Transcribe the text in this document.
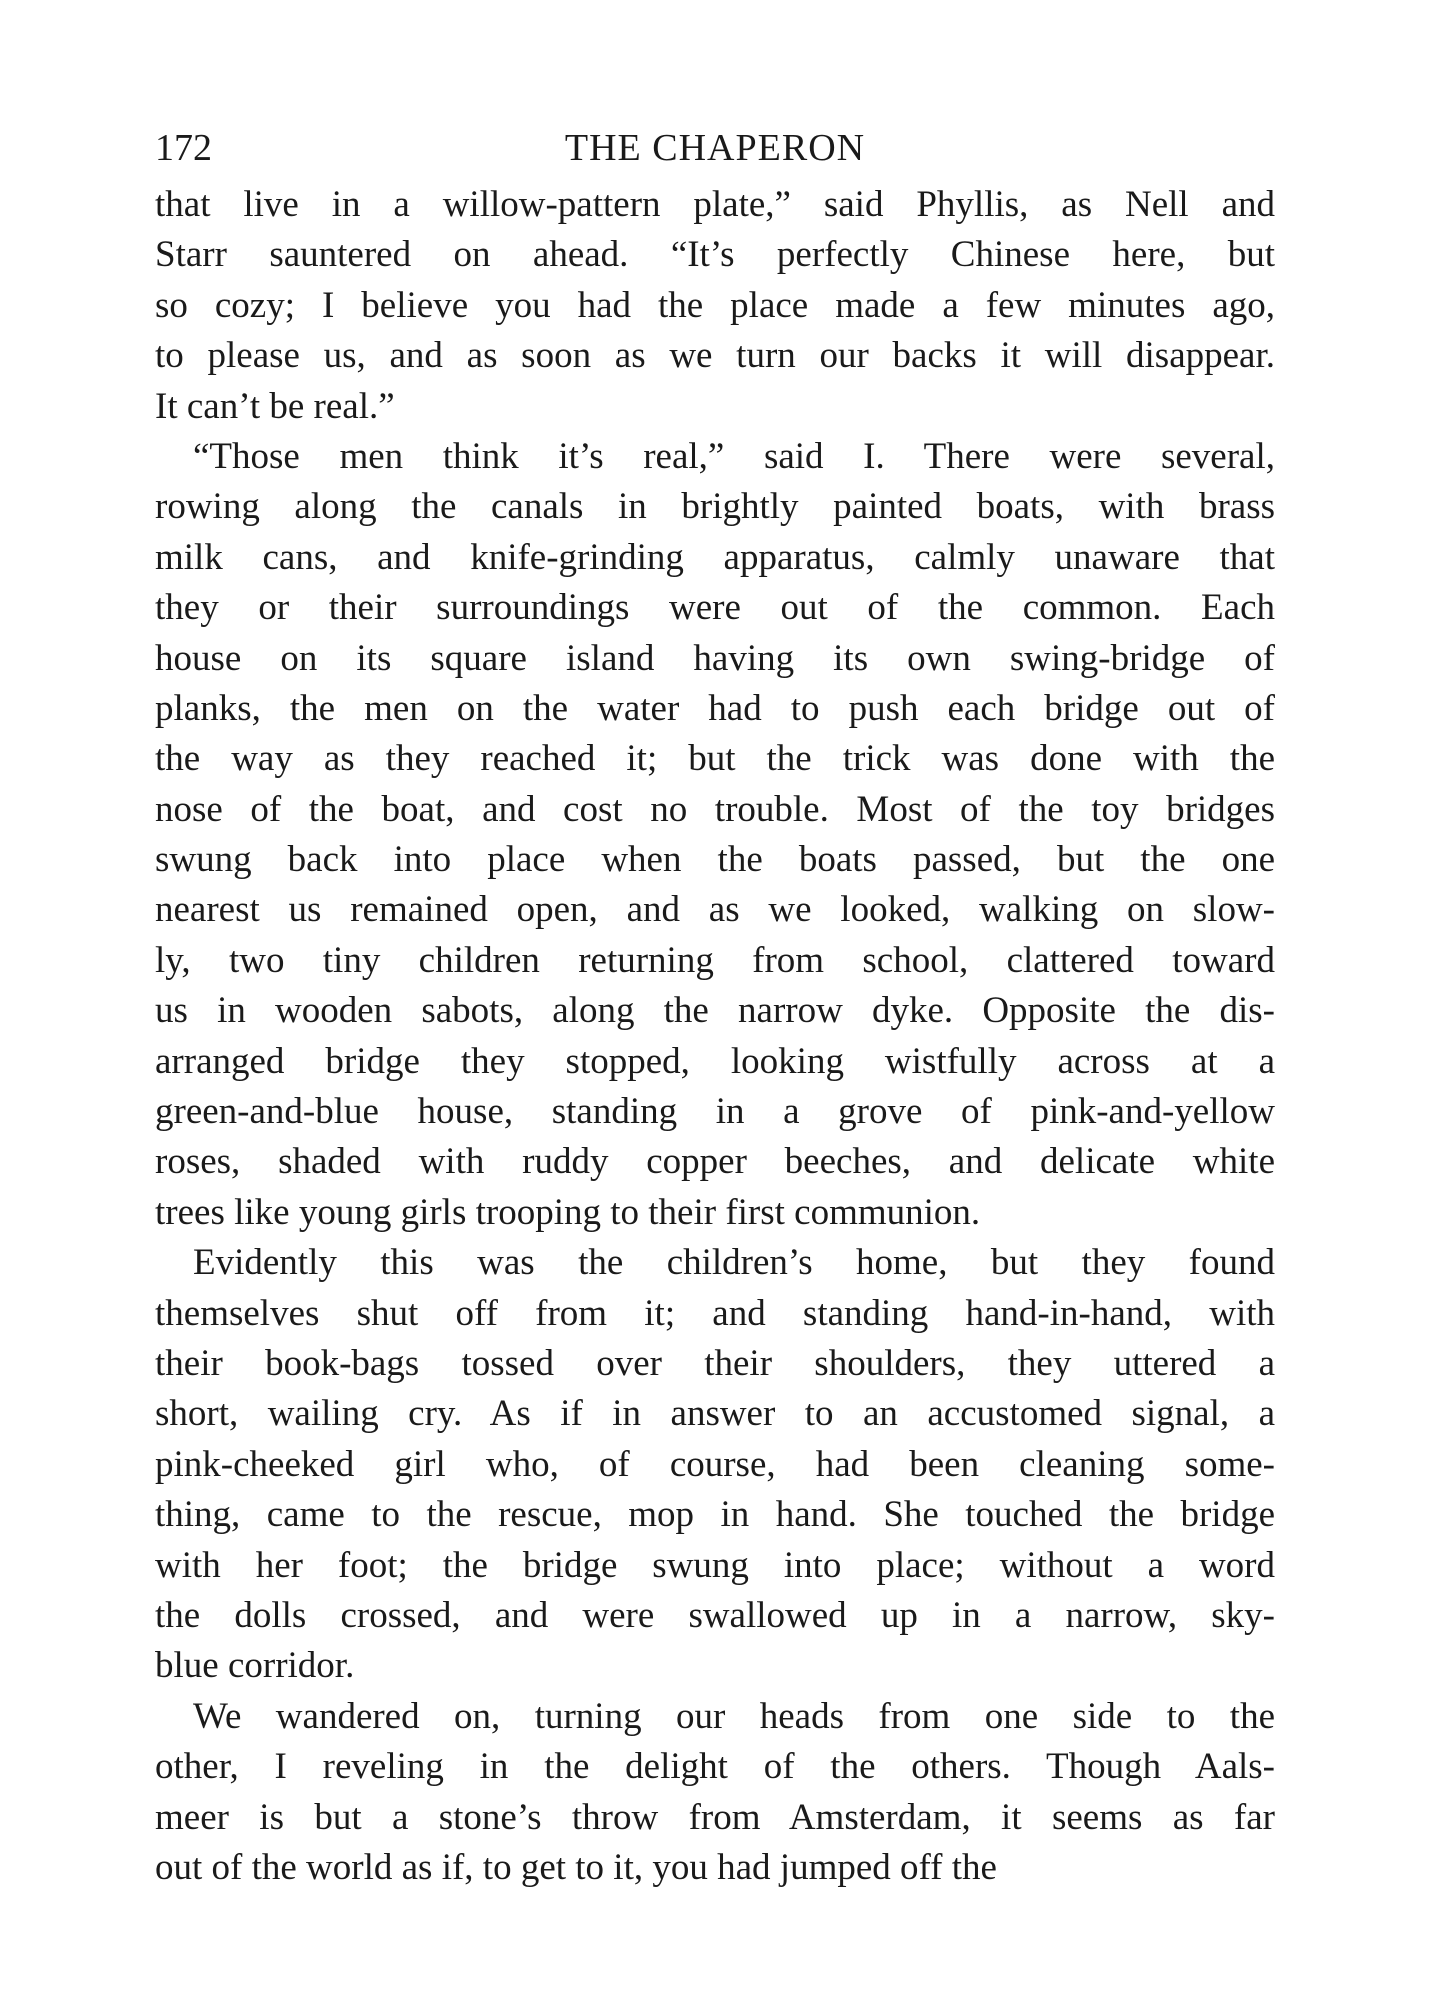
172	THE CHAPERON
that live in a willow-pattern plate,” said Phyllis, as Nell and
Starr sauntered on ahead. “It’s perfectly Chinese here, but
so cozy; I believe you had the place made a few minutes ago,
to please us, and as soon as we turn our backs it will disappear.
It can’t be real.”
“Those men think it’s real,” said I. There were several,
rowing along the canals in brightly painted boats, with brass
milk cans, and knife-grinding apparatus, calmly unaware that
they or their surroundings were out of the common. Each
house on its square island having its own swing-bridge of
planks, the men on the water had to push each bridge out of
the way as they reached it; but the trick was done with the
nose of the boat, and cost no trouble. Most of the toy bridges
swung back into place when the boats passed, but the one
nearest us remained open, and as we looked, walking on slow-
ly, two tiny children returning from school, clattered toward
us in wooden sabots, along the narrow dyke. Opposite the dis-
arranged bridge they stopped, looking wistfully across at a
green-and-blue house, standing in a grove of pink-and-yellow
roses, shaded with ruddy copper beeches, and delicate white
trees like young girls trooping to their first communion.
Evidently this was the children’s home, but they found
themselves shut off from it; and standing hand-in-hand, with
their book-bags tossed over their shoulders, they uttered a
short, wailing cry. As if in answer to an accustomed signal, a
pink-cheeked girl who, of course, had been cleaning some-
thing, came to the rescue, mop in hand. She touched the bridge
with her foot; the bridge swung into place; without a word
the dolls crossed, and were swallowed up in a narrow, sky-
blue corridor.
We wandered on, turning our heads from one side to the
other, I reveling in the delight of the others. Though Aals-
meer is but a stone’s throw from Amsterdam, it seems as far
out of the world as if, to get to it, you had jumped off the
